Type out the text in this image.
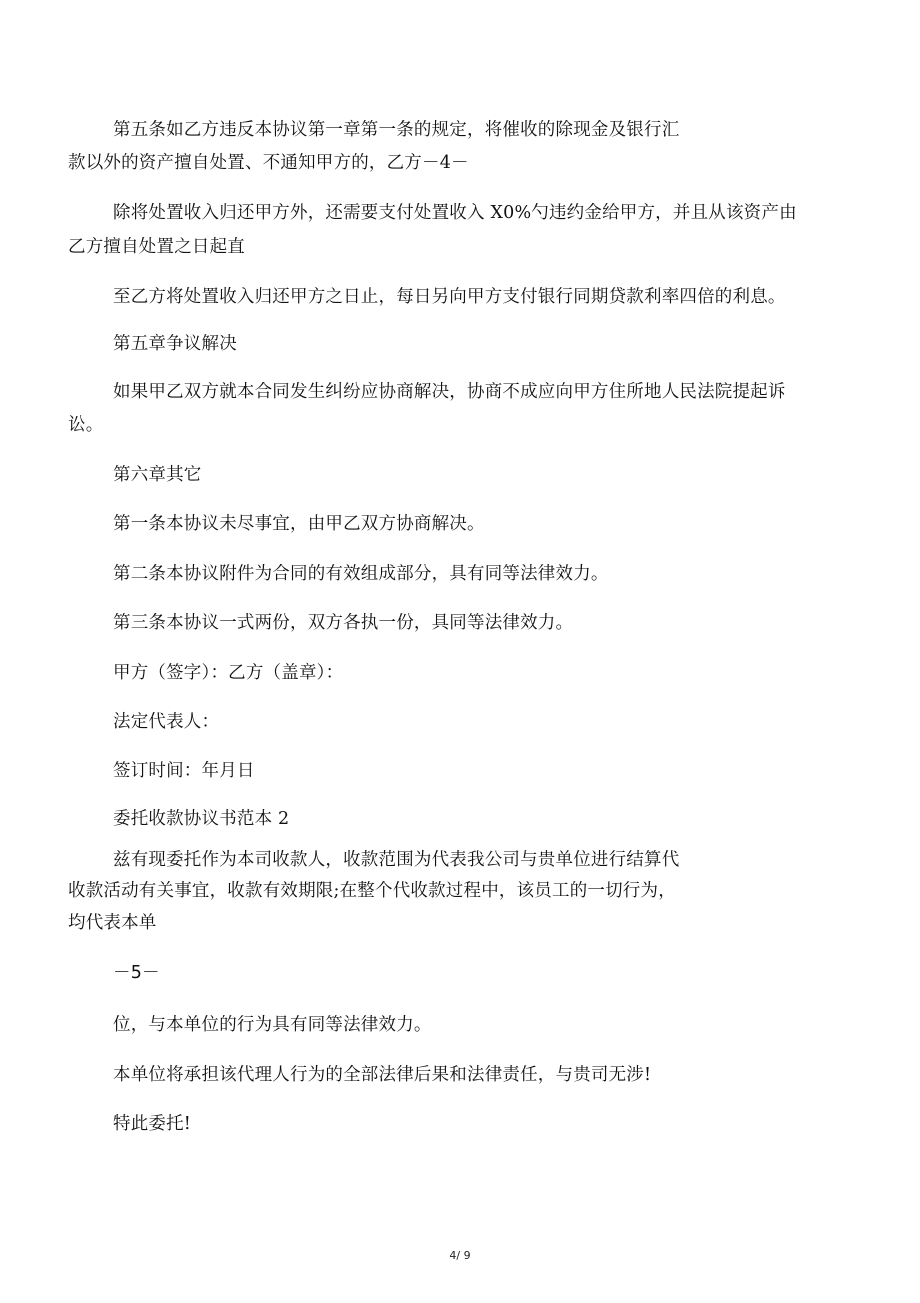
第五条如乙方违反本协议第一章第一条的规定，将催收的除现金及银行汇
款以外的资产擅自处置、不通知甲方的，乙方－4－
除将处置收入归还甲方外，还需要支付处置收入 X0%勺违约金给甲方，并且从该资产由
乙方擅自处置之日起直
至乙方将处置收入归还甲方之日止，每日另向甲方支付银行同期贷款利率四倍的利息。
第五章争议解决
如果甲乙双方就本合同发生纠纷应协商解决，协商不成应向甲方住所地人民法院提起诉
讼。
第六章其它
第一条本协议未尽事宜，由甲乙双方协商解决。
第二条本协议附件为合同的有效组成部分，具有同等法律效力。
第三条本协议一式两份，双方各执一份，具同等法律效力。
甲方（签字）：乙方（盖章）：
法定代表人：
签订时间：年月日
委托收款协议书范本 2
兹有现委托作为本司收款人，收款范围为代表我公司与贵单位进行结算代
收款活动有关事宜，收款有效期限;在整个代收款过程中，该员工的一切行为，
均代表本单
－5－
位，与本单位的行为具有同等法律效力。
本单位将承担该代理人行为的全部法律后果和法律责任，与贵司无涉!
特此委托!
4/ 9
